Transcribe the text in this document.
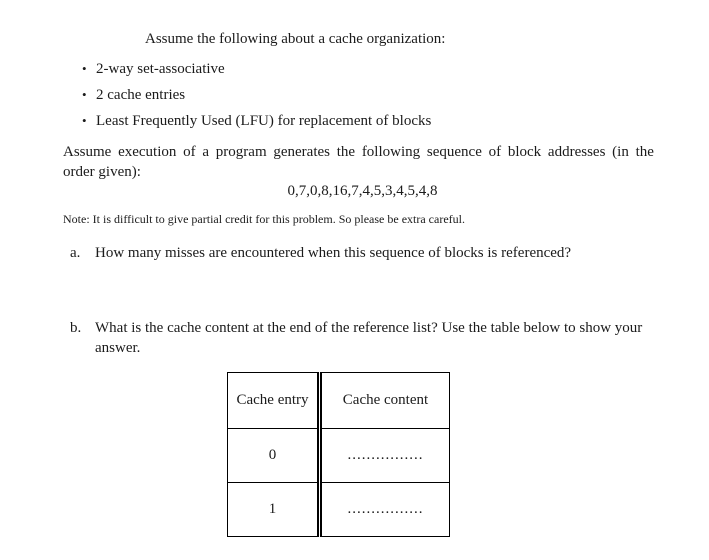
Assume the following about a cache organization:
• 2-way set-associative
• 2 cache entries
• Least Frequently Used (LFU) for replacement of blocks
Assume execution of a program generates the following sequence of block addresses (in the
order given):
0,7,0,8,16,7,4,5,3,4,5,4,8
Note: It is difficult to give partial credit for this problem. So please be extra careful.
a. How many misses are encountered when this sequence of blocks is referenced?
b. What is the cache content at the end of the reference list? Use the table below to show your
answer.
Cache entry	Cache content
0	................
1	................
